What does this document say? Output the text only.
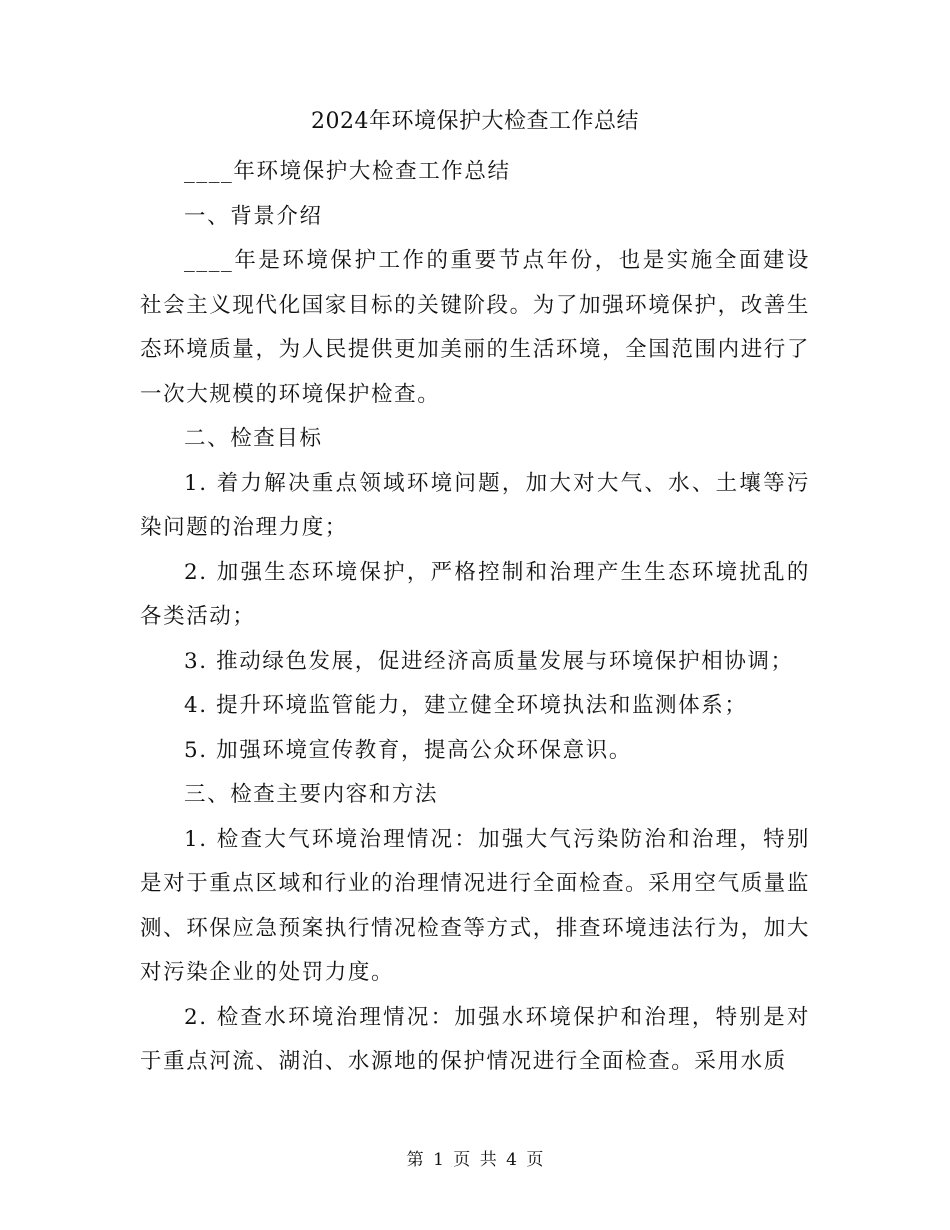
2024年环境保护大检查工作总结

____年环境保护大检查工作总结

一、背景介绍

____年是环境保护工作的重要节点年份，也是实施全面建设社会主义现代化国家目标的关键阶段。为了加强环境保护，改善生态环境质量，为人民提供更加美丽的生活环境，全国范围内进行了一次大规模的环境保护检查。

二、检查目标

1. 着力解决重点领域环境问题，加大对大气、水、土壤等污染问题的治理力度；

2. 加强生态环境保护，严格控制和治理产生生态环境扰乱的各类活动；

3. 推动绿色发展，促进经济高质量发展与环境保护相协调；

4. 提升环境监管能力，建立健全环境执法和监测体系；

5. 加强环境宣传教育，提高公众环保意识。

三、检查主要内容和方法

1. 检查大气环境治理情况：加强大气污染防治和治理，特别是对于重点区域和行业的治理情况进行全面检查。采用空气质量监测、环保应急预案执行情况检查等方式，排查环境违法行为，加大对污染企业的处罚力度。

2. 检查水环境治理情况：加强水环境保护和治理，特别是对于重点河流、湖泊、水源地的保护情况进行全面检查。采用水质

第 1 页 共 4 页
